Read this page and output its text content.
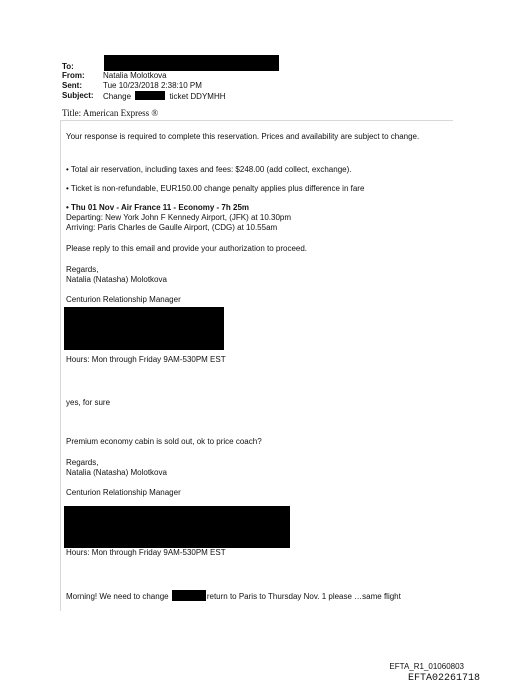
To:
From: Natalia Molotkova
Sent:	Tue 10/23/2018 2:38:10 PM
Subject: Change	ticket DDYMHH
Title: American Express ®
Your response is required to complete this reservation. Prices and availability are subject to change.
• Total air reservation, including taxes and fees: $248.00 (add collect, exchange).
• Ticket is non-refundable, EUR150.00 change penalty applies plus difference in fare
• Thu 01 Nov - Air France 11 - Economy - 7h 25m
Departing: New York John F Kennedy Airport, (JFK) at 10.30pm
Arriving: Paris Charles de Gaulle Airport, (CDG) at 10.55am
Please reply to this email and provide your authorization to proceed.
Regards,
Natalia (Natasha) Molotkova
Centurion Relationship Manager
Hours: Mon through Friday 9AM-530PM EST
yes, for sure
Premium economy cabin is sold out, ok to price coach?
Regards,
Natalia (Natasha) Molotkova
Centurion Relationship Manager
Hours: Mon through Friday 9AM-530PM EST
Morning! We need to change	return to Paris to Thursday Nov. 1 please …same flight
EFTA_R1_01060803
EFTA02261718
